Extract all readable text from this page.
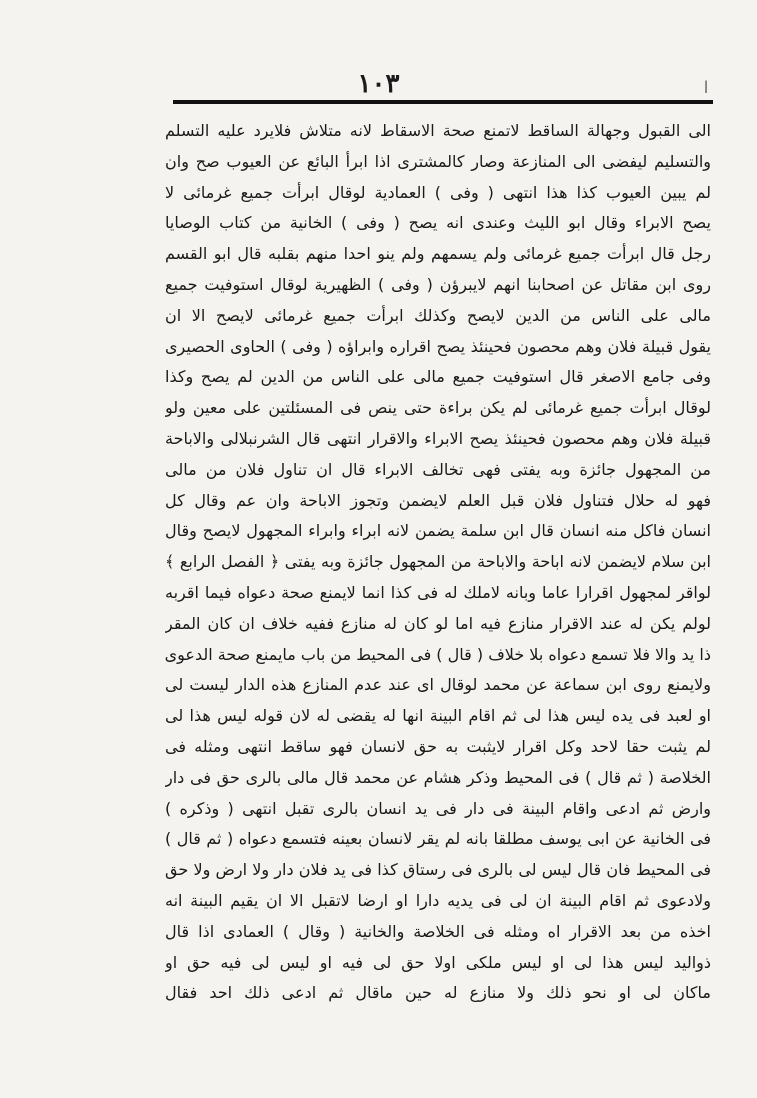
|
١٠٣
الى القبول وجهالة الساقط لاتمنع صحة الاسقاط لانه متلاش فلايرد عليه التسلم
والتسليم ليفضى الى المنازعة وصار كالمشترى اذا ابرأ البائع عن العيوب صح وان
لم يبين العيوب كذا هذا انتهى ( وفى ) العمادية لوقال ابرأت جميع غرمائى لا
يصح الابراء وقال ابو الليث وعندى انه يصح ( وفى ) الخانية من كتاب الوصايا
رجل قال ابرأت جميع غرمائى ولم يسمهم ولم ينو احدا منهم بقلبه قال ابو القسم
روى ابن مقاتل عن اصحابنا انهم لايبرؤن ( وفى ) الظهيرية لوقال استوفيت جميع
مالى على الناس من الدين لايصح وكذلك ابرأت جميع غرمائى لايصح الا ان
يقول قبيلة فلان وهم محصون فحينئذ يصح اقراره وابراؤه ( وفى ) الحاوى الحصيرى
وفى جامع الاصغر قال استوفيت جميع مالى على الناس من الدين لم يصح وكذا
لوقال ابرأت جميع غرمائى لم يكن براءة حتى ينص فى المسئلتين على معين ولو
قبيلة فلان وهم محصون فحينئذ يصح الابراء والاقرار انتهى قال الشرنبلالى والاباحة
من المجهول جائزة وبه يفتى فهى تخالف الابراء قال ان تناول فلان من مالى
فهو له حلال فتناول فلان قبل العلم لايضمن وتجوز الاباحة وان عم وقال كل
انسان فاكل منه انسان قال ابن سلمة يضمن لانه ابراء وابراء المجهول لايصح وقال
ابن سلام لايضمن لانه اباحة والاباحة من المجهول جائزة وبه يفتى ﴿ الفصل الرابع ﴾
لواقر لمجهول اقرارا عاما وبانه لاملك له فى كذا انما لايمنع صحة دعواه فيما اقربه
لولم يكن له عند الاقرار منازع فيه اما لو كان له منازع ففيه خلاف ان كان المقر
ذا يد والا فلا تسمع دعواه بلا خلاف ( قال ) فى المحيط من باب مايمنع صحة الدعوى
ولايمنع روى ابن سماعة عن محمد لوقال اى عند عدم المنازع هذه الدار ليست لى
او لعبد فى يده ليس هذا لى ثم اقام البينة انها له يقضى له لان قوله ليس هذا لى
لم يثبت حقا لاحد وكل اقرار لايثبت به حق لانسان فهو ساقط انتهى ومثله فى
الخلاصة ( ثم قال ) فى المحيط وذكر هشام عن محمد قال مالى بالرى حق فى دار
وارض ثم ادعى واقام البينة فى دار فى يد انسان بالرى تقبل انتهى ( وذكره )
فى الخانية عن ابى يوسف مطلقا بانه لم يقر لانسان بعينه فتسمع دعواه ( ثم قال )
فى المحيط فان قال ليس لى بالرى فى رستاق كذا فى يد فلان دار ولا ارض ولا حق
ولادعوى ثم اقام البينة ان لى فى يديه دارا او ارضا لاتقبل الا ان يقيم البينة انه
اخذه من بعد الاقرار اه ومثله فى الخلاصة والخانية ( وقال ) العمادى اذا قال
ذواليد ليس هذا لى او ليس ملكى اولا حق لى فيه او ليس لى فيه حق او
ماكان لى او نحو ذلك ولا منازع له حين ماقال ثم ادعى ذلك احد فقال
